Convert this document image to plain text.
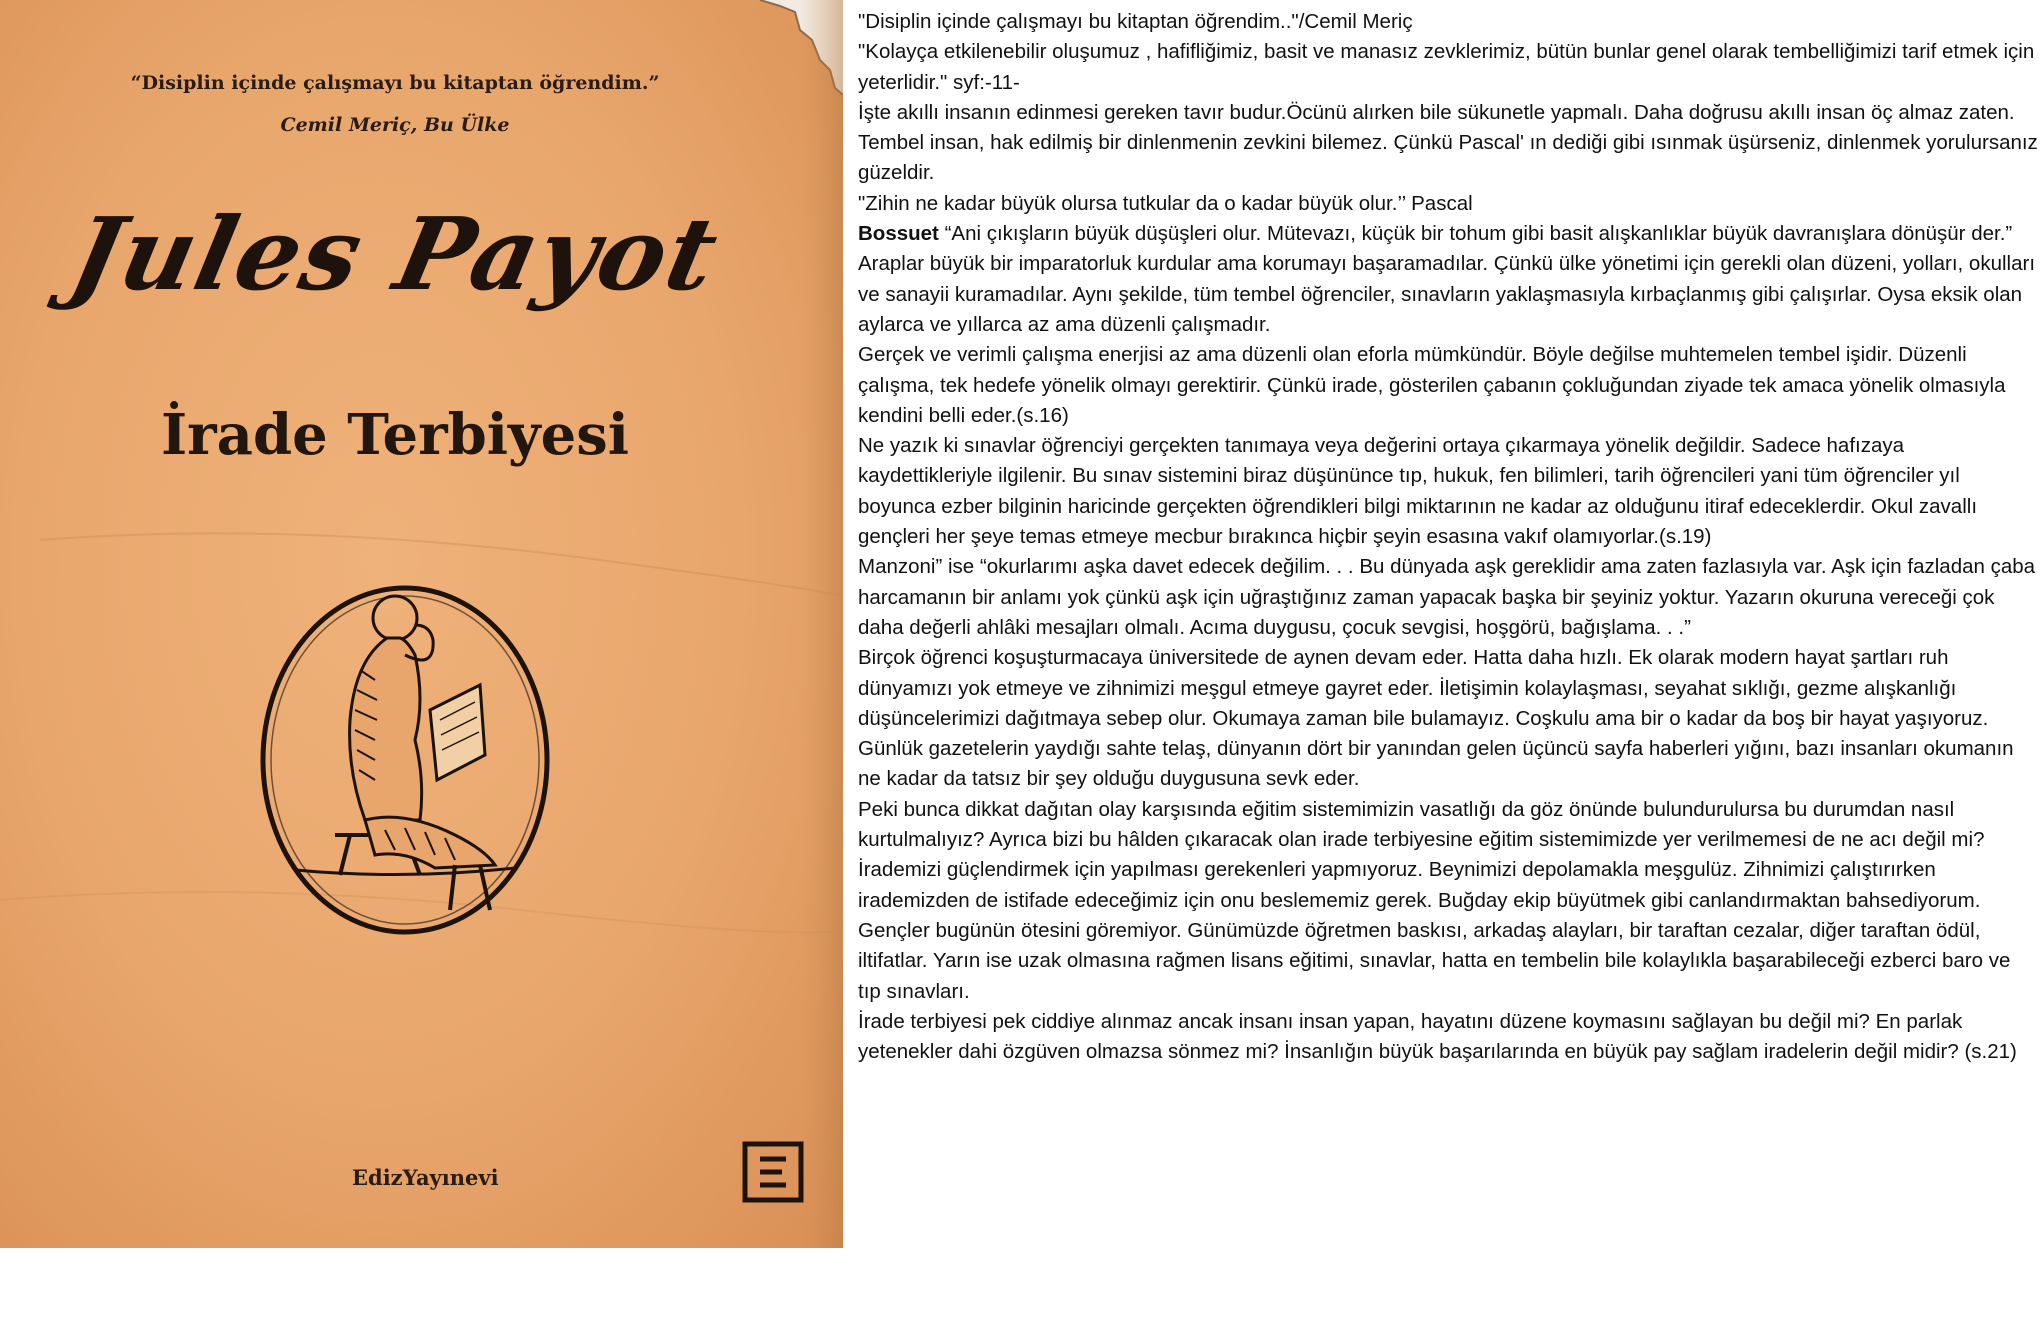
“Disiplin içinde çalışmayı bu kitaptan öğrendim.”
Cemil Meriç, Bu Ülke
Jules Payot
İrade Terbiyesi
EdizYayınevi

"Disiplin içinde çalışmayı bu kitaptan öğrendim.."/Cemil Meriç

"Kolayça etkilenebilir oluşumuz , hafifliğimiz, basit ve manasız zevklerimiz, bütün bunlar genel olarak tembelliğimizi tarif etmek için yeterlidir." syf:-11-

İşte akıllı insanın edinmesi gereken tavır budur.Öcünü alırken bile sükunetle yapmalı. Daha doğrusu akıllı insan öç almaz zaten.

Tembel insan, hak edilmiş bir dinlenmenin zevkini bilemez. Çünkü Pascal' ın dediği gibi ısınmak üşürseniz, dinlenmek yorulursanız güzeldir.

"Zihin ne kadar büyük olursa tutkular da o kadar büyük olur.’’ Pascal

Bossuet “Ani çıkışların büyük düşüşleri olur. Mütevazı, küçük bir tohum gibi basit alışkanlıklar büyük davranışlara dönüşür der.”

Araplar büyük bir imparatorluk kurdular ama korumayı başaramadılar. Çünkü ülke yönetimi için gerekli olan düzeni, yolları, okulları ve sanayii kuramadılar. Aynı şekilde, tüm tembel öğrenciler, sınavların yaklaşmasıyla kırbaçlanmış gibi çalışırlar. Oysa eksik olan aylarca ve yıllarca az ama düzenli çalışmadır.

Gerçek ve verimli çalışma enerjisi az ama düzenli olan eforla mümkündür. Böyle değilse muhtemelen tembel işidir. Düzenli çalışma, tek hedefe yönelik olmayı gerektirir. Çünkü irade, gösterilen çabanın çokluğundan ziyade tek amaca yönelik olmasıyla kendini belli eder.(s.16)

Ne yazık ki sınavlar öğrenciyi gerçekten tanımaya veya değerini ortaya çıkarmaya yönelik değildir. Sadece hafızaya kaydettikleriyle ilgilenir. Bu sınav sistemini biraz düşününce tıp, hukuk, fen bilimleri, tarih öğrencileri yani tüm öğrenciler yıl boyunca ezber bilginin haricinde gerçekten öğrendikleri bilgi miktarının ne kadar az olduğunu itiraf edeceklerdir. Okul zavallı gençleri her şeye temas etmeye mecbur bırakınca hiçbir şeyin esasına vakıf olamıyorlar.(s.19)

Manzoni” ise “okurlarımı aşka davet edecek değilim. . . Bu dünyada aşk gereklidir ama zaten fazlasıyla var. Aşk için fazladan çaba harcamanın bir anlamı yok çünkü aşk için uğraştığınız zaman yapacak başka bir şeyiniz yoktur. Yazarın okuruna vereceği çok daha değerli ahlâki mesajları olmalı. Acıma duygusu, çocuk sevgisi, hoşgörü, bağışlama. . .”

Birçok öğrenci koşuşturmacaya üniversitede de aynen devam eder. Hatta daha hızlı. Ek olarak modern hayat şartları ruh dünyamızı yok etmeye ve zihnimizi meşgul etmeye gayret eder. İletişimin kolaylaşması, seyahat sıklığı, gezme alışkanlığı düşüncelerimizi dağıtmaya sebep olur. Okumaya zaman bile bulamayız. Coşkulu ama bir o kadar da boş bir hayat yaşıyoruz.

Günlük gazetelerin yaydığı sahte telaş, dünyanın dört bir yanından gelen üçüncü sayfa haberleri yığını, bazı insanları okumanın ne kadar da tatsız bir şey olduğu duygusuna sevk eder.

Peki bunca dikkat dağıtan olay karşısında eğitim sistemimizin vasatlığı da göz önünde bulundurulursa bu durumdan nasıl kurtulmalıyız? Ayrıca bizi bu hâlden çıkaracak olan irade terbiyesine eğitim sistemimizde yer verilmemesi de ne acı değil mi?

İrademizi güçlendirmek için yapılması gerekenleri yapmıyoruz. Beynimizi depolamakla meşgulüz. Zihnimizi çalıştırırken irademizden de istifade edeceğimiz için onu beslememiz gerek. Buğday ekip büyütmek gibi canlandırmaktan bahsediyorum. Gençler bugünün ötesini göremiyor. Günümüzde öğretmen baskısı, arkadaş alayları, bir taraftan cezalar, diğer taraftan ödül, iltifatlar. Yarın ise uzak olmasına rağmen lisans eğitimi, sınavlar, hatta en tembelin bile kolaylıkla başarabileceği ezberci baro ve tıp sınavları.

İrade terbiyesi pek ciddiye alınmaz ancak insanı insan yapan, hayatını düzene koymasını sağlayan bu değil mi? En parlak yetenekler dahi özgüven olmazsa sönmez mi? İnsanlığın büyük başarılarında en büyük pay sağlam iradelerin değil midir? (s.21)
